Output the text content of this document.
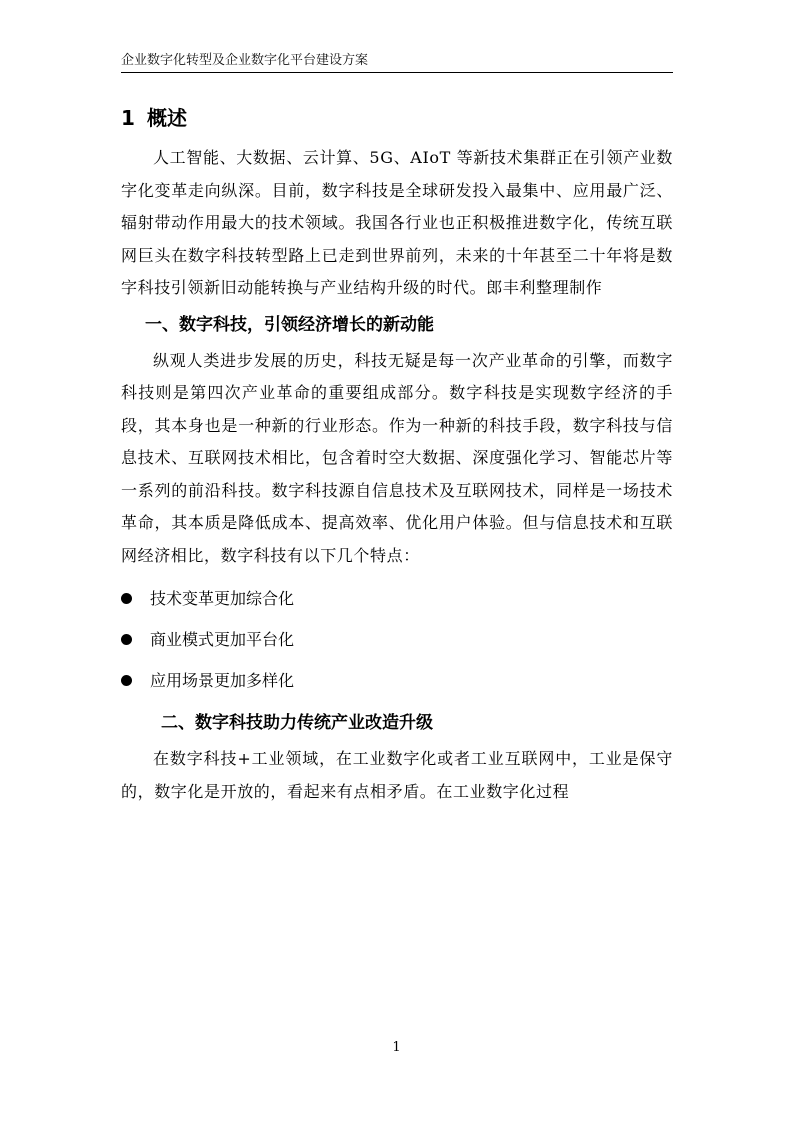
企业数字化转型及企业数字化平台建设方案
1 概述

人工智能、大数据、云计算、5G、AIoT 等新技术集群正在引领产业数字化变革走向纵深。目前，数字科技是全球研发投入最集中、应用最广泛、辐射带动作用最大的技术领域。我国各行业也正积极推进数字化，传统互联网巨头在数字科技转型路上已走到世界前列，未来的十年甚至二十年将是数字科技引领新旧动能转换与产业结构升级的时代。郎丰利整理制作

一、数字科技，引领经济增长的新动能

纵观人类进步发展的历史，科技无疑是每一次产业革命的引擎，而数字科技则是第四次产业革命的重要组成部分。数字科技是实现数字经济的手段，其本身也是一种新的行业形态。作为一种新的科技手段，数字科技与信息技术、互联网技术相比，包含着时空大数据、深度强化学习、智能芯片等一系列的前沿科技。数字科技源自信息技术及互联网技术，同样是一场技术革命，其本质是降低成本、提高效率、优化用户体验。但与信息技术和互联网经济相比，数字科技有以下几个特点：

技术变革更加综合化
商业模式更加平台化
应用场景更加多样化
二、数字科技助力传统产业改造升级

在数字科技+工业领域，在工业数字化或者工业互联网中，工业是保守的，数字化是开放的，看起来有点相矛盾。在工业数字化过程

1
